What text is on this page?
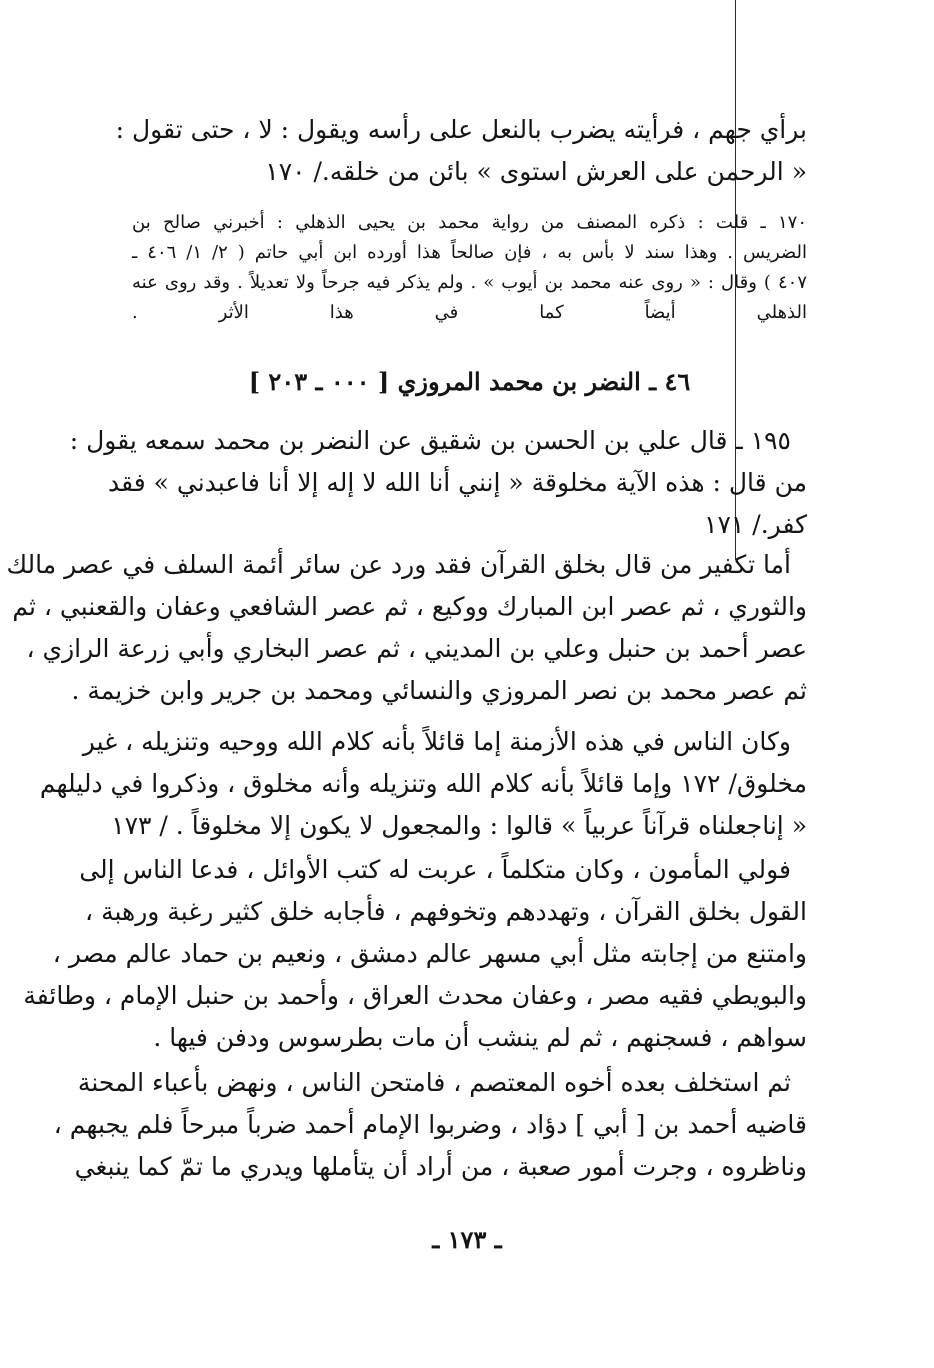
برأي جهم ، فرأيته يضرب بالنعل على رأسه ويقول : لا ، حتى تقول :
« الرحمن على العرش استوى » بائن من خلقه./ ١٧٠
١٧٠ ـ قلت : ذكره المصنف من رواية محمد بن يحيى الذهلي : أخبرني صالح بن
الضريس . وهذا سند لا بأس به ، فإن صالحاً هذا أورده ابن أبي حاتم ( ٢/ ١/ ٤٠٦ ـ
٤٠٧ ) وقال : « روى عنه محمد بن أيوب » . ولم يذكر فيه جرحاً ولا تعديلاً . وقد روى عنه
الذهلي أيضاً كما في هذا الأثر .
٤٦ ـ النضر بن محمد المروزي [ ٠٠٠ ـ ٢٠٣ ]
١٩٥ ـ قال علي بن الحسن بن شقيق عن النضر بن محمد سمعه يقول :
من قال : هذه الآية مخلوقة « إنني أنا الله لا إله إلا أنا فاعبدني » فقد
كفر./ ١٧١
أما تكفير من قال بخلق القرآن فقد ورد عن سائر أئمة السلف في عصر مالك
والثوري ، ثم عصر ابن المبارك ووكيع ، ثم عصر الشافعي وعفان والقعنبي ، ثم
عصر أحمد بن حنبل وعلي بن المديني ، ثم عصر البخاري وأبي زرعة الرازي ،
ثم عصر محمد بن نصر المروزي والنسائي ومحمد بن جرير وابن خزيمة .
وكان الناس في هذه الأزمنة إما قائلاً بأنه كلام الله ووحيه وتنزيله ، غير
مخلوق/ ١٧٢ وإما قائلاً بأنه كلام الله وتنزيله وأنه مخلوق ، وذكروا في دليلهم
« إناجعلناه قرآناً عربياً » قالوا : والمجعول لا يكون إلا مخلوقاً . / ١٧٣
فولي المأمون ، وكان متكلماً ، عربت له كتب الأوائل ، فدعا الناس إلى
القول بخلق القرآن ، وتهددهم وتخوفهم ، فأجابه خلق كثير رغبة ورهبة ،
وامتنع من إجابته مثل أبي مسهر عالم دمشق ، ونعيم بن حماد عالم مصر ،
والبويطي فقيه مصر ، وعفان محدث العراق ، وأحمد بن حنبل الإمام ، وطائفة
سواهم ، فسجنهم ، ثم لم ينشب أن مات بطرسوس ودفن فيها .
ثم استخلف بعده أخوه المعتصم ، فامتحن الناس ، ونهض بأعباء المحنة
قاضيه أحمد بن [ أبي ] دؤاد ، وضربوا الإمام أحمد ضرباً مبرحاً فلم يجبهم ،
وناظروه ، وجرت أمور صعبة ، من أراد أن يتأملها ويدري ما تمّ كما ينبغي
ـ ١٧٣ ـ
